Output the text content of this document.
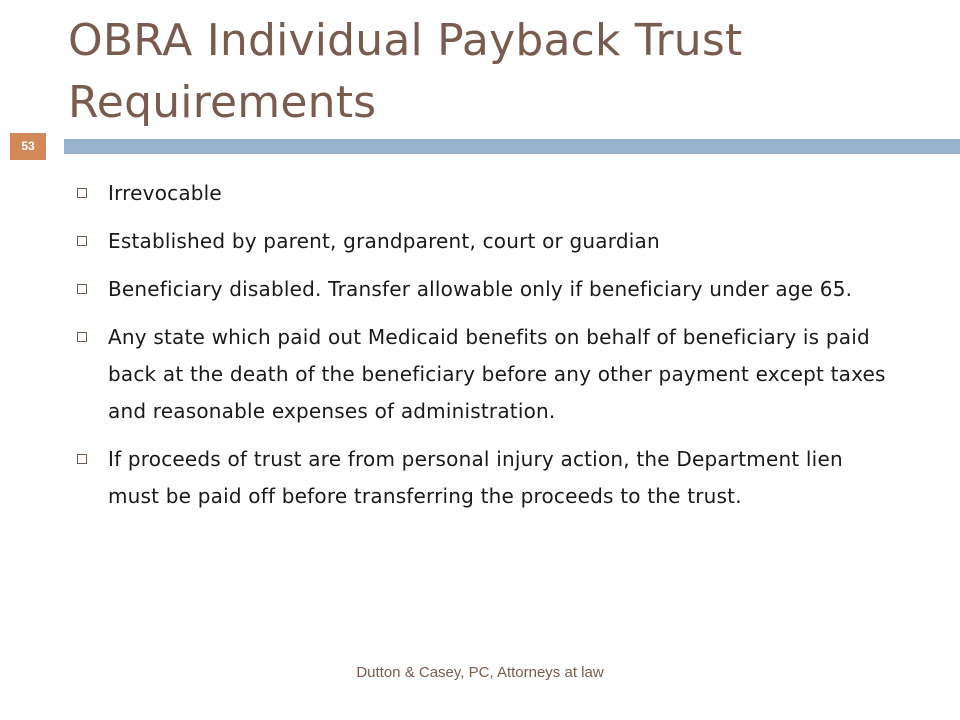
OBRA Individual Payback Trust Requirements
53
Irrevocable
Established by parent, grandparent, court or guardian
Beneficiary disabled. Transfer allowable only if beneficiary under age 65.
Any state which paid out Medicaid benefits on behalf of beneficiary is paid back at the death of the beneficiary before any other payment except taxes and reasonable expenses of administration.
If proceeds of trust are from personal injury action, the Department lien must be paid off before transferring the proceeds to the trust.
Dutton & Casey, PC, Attorneys at law
